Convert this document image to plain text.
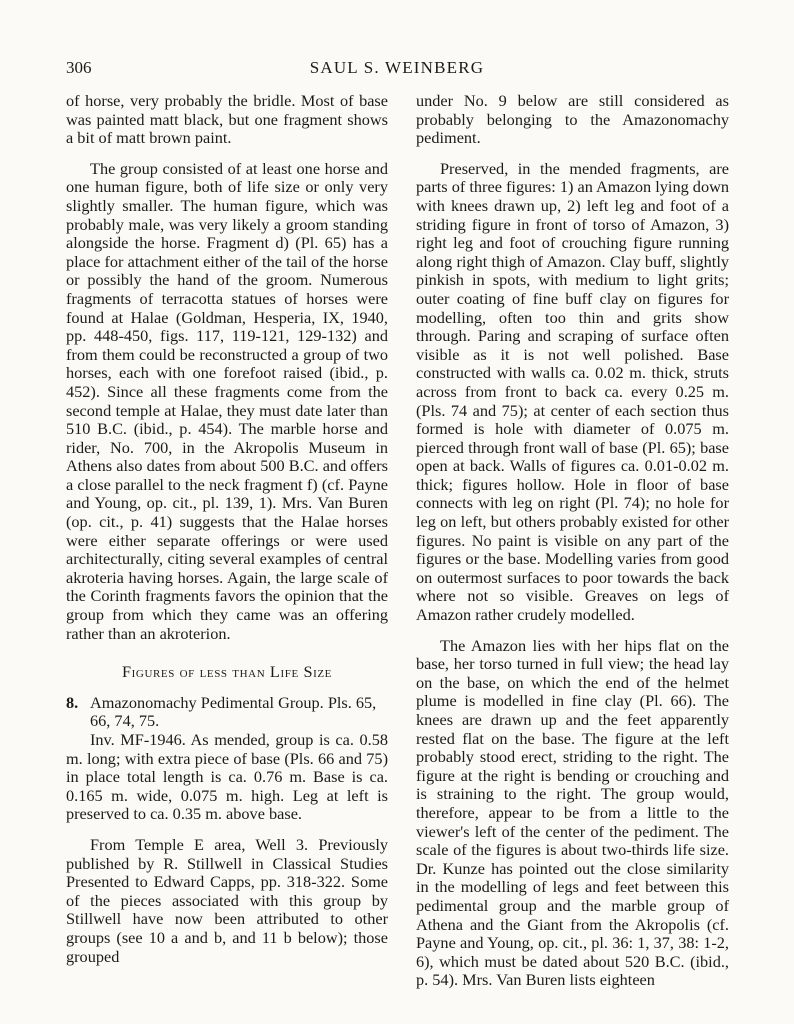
306	SAUL S. WEINBERG

of horse, very probably the bridle. Most of base was painted matt black, but one fragment shows a bit of matt brown paint.

The group consisted of at least one horse and one human figure, both of life size or only very slightly smaller. The human figure, which was probably male, was very likely a groom standing alongside the horse. Fragment d) (Pl. 65) has a place for attachment either of the tail of the horse or possibly the hand of the groom. Numerous fragments of terracotta statues of horses were found at Halae (Goldman, Hesperia, IX, 1940, pp. 448-450, figs. 117, 119-121, 129-132) and from them could be reconstructed a group of two horses, each with one forefoot raised (ibid., p. 452). Since all these fragments come from the second temple at Halae, they must date later than 510 B.C. (ibid., p. 454). The marble horse and rider, No. 700, in the Akropolis Museum in Athens also dates from about 500 B.C. and offers a close parallel to the neck fragment f) (cf. Payne and Young, op. cit., pl. 139, 1). Mrs. Van Buren (op. cit., p. 41) suggests that the Halae horses were either separate offerings or were used architecturally, citing several examples of central akroteria having horses. Again, the large scale of the Corinth fragments favors the opinion that the group from which they came was an offering rather than an akroterion.

Figures of less than Life Size

8. Amazonomachy Pedimental Group. Pls. 65, 66, 74, 75.

Inv. MF-1946. As mended, group is ca. 0.58 m. long; with extra piece of base (Pls. 66 and 75) in place total length is ca. 0.76 m. Base is ca. 0.165 m. wide, 0.075 m. high. Leg at left is preserved to ca. 0.35 m. above base.

From Temple E area, Well 3. Previously published by R. Stillwell in Classical Studies Presented to Edward Capps, pp. 318-322. Some of the pieces associated with this group by Stillwell have now been attributed to other groups (see 10 a and b, and 11 b below); those grouped

under No. 9 below are still considered as probably belonging to the Amazonomachy pediment.

Preserved, in the mended fragments, are parts of three figures: 1) an Amazon lying down with knees drawn up, 2) left leg and foot of a striding figure in front of torso of Amazon, 3) right leg and foot of crouching figure running along right thigh of Amazon. Clay buff, slightly pinkish in spots, with medium to light grits; outer coating of fine buff clay on figures for modelling, often too thin and grits show through. Paring and scraping of surface often visible as it is not well polished. Base constructed with walls ca. 0.02 m. thick, struts across from front to back ca. every 0.25 m. (Pls. 74 and 75); at center of each section thus formed is hole with diameter of 0.075 m. pierced through front wall of base (Pl. 65); base open at back. Walls of figures ca. 0.01-0.02 m. thick; figures hollow. Hole in floor of base connects with leg on right (Pl. 74); no hole for leg on left, but others probably existed for other figures. No paint is visible on any part of the figures or the base. Modelling varies from good on outermost surfaces to poor towards the back where not so visible. Greaves on legs of Amazon rather crudely modelled.

The Amazon lies with her hips flat on the base, her torso turned in full view; the head lay on the base, on which the end of the helmet plume is modelled in fine clay (Pl. 66). The knees are drawn up and the feet apparently rested flat on the base. The figure at the left probably stood erect, striding to the right. The figure at the right is bending or crouching and is straining to the right. The group would, therefore, appear to be from a little to the viewer's left of the center of the pediment. The scale of the figures is about two-thirds life size. Dr. Kunze has pointed out the close similarity in the modelling of legs and feet between this pedimental group and the marble group of Athena and the Giant from the Akropolis (cf. Payne and Young, op. cit., pl. 36: 1, 37, 38: 1-2, 6), which must be dated about 520 B.C. (ibid., p. 54). Mrs. Van Buren lists eighteen
